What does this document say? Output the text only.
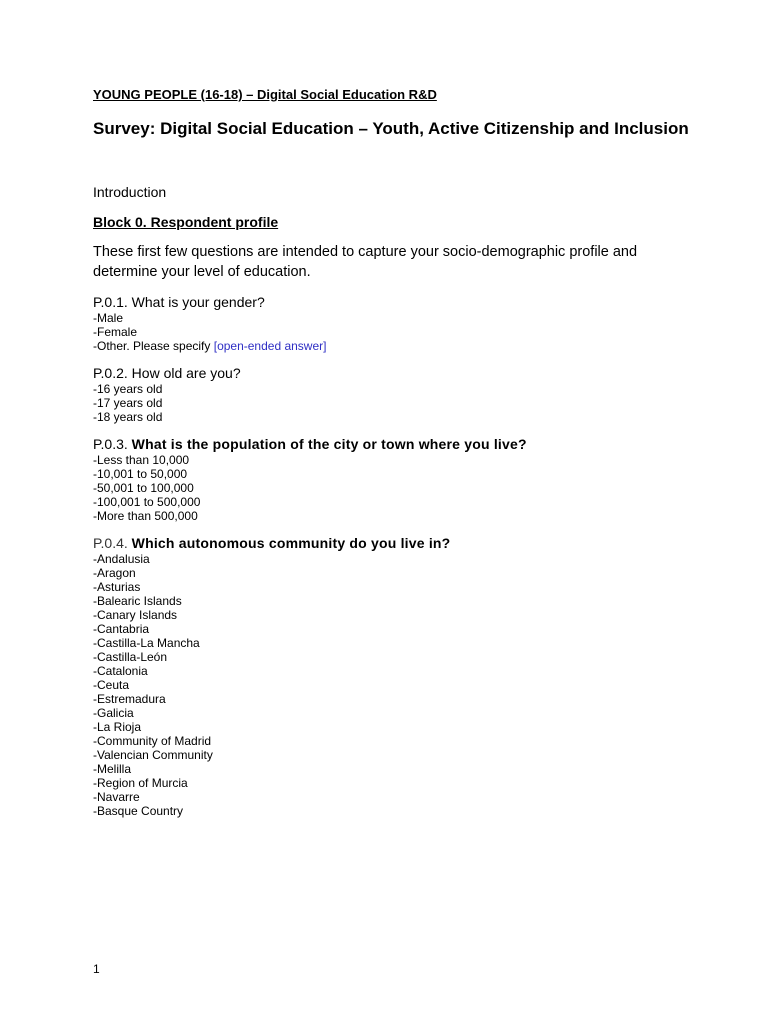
YOUNG PEOPLE (16-18) – Digital Social Education R&D

Survey: Digital Social Education – Youth, Active Citizenship and Inclusion

Introduction

Block 0. Respondent profile

These first few questions are intended to capture your socio-demographic profile and determine your level of education.

P.0.1. What is your gender?
-Male
-Female
-Other. Please specify [open-ended answer]
P.0.2. How old are you?
-16 years old
-17 years old
-18 years old
P.0.3. What is the population of the city or town where you live?
-Less than 10,000
-10,001 to 50,000
-50,001 to 100,000
-100,001 to 500,000
-More than 500,000
P.0.4. Which autonomous community do you live in?
-Andalusia
-Aragon
-Asturias
-Balearic Islands
-Canary Islands
-Cantabria
-Castilla-La Mancha
-Castilla-León
-Catalonia
-Ceuta
-Estremadura
-Galicia
-La Rioja
-Community of Madrid
-Valencian Community
-Melilla
-Region of Murcia
-Navarre
-Basque Country
1
